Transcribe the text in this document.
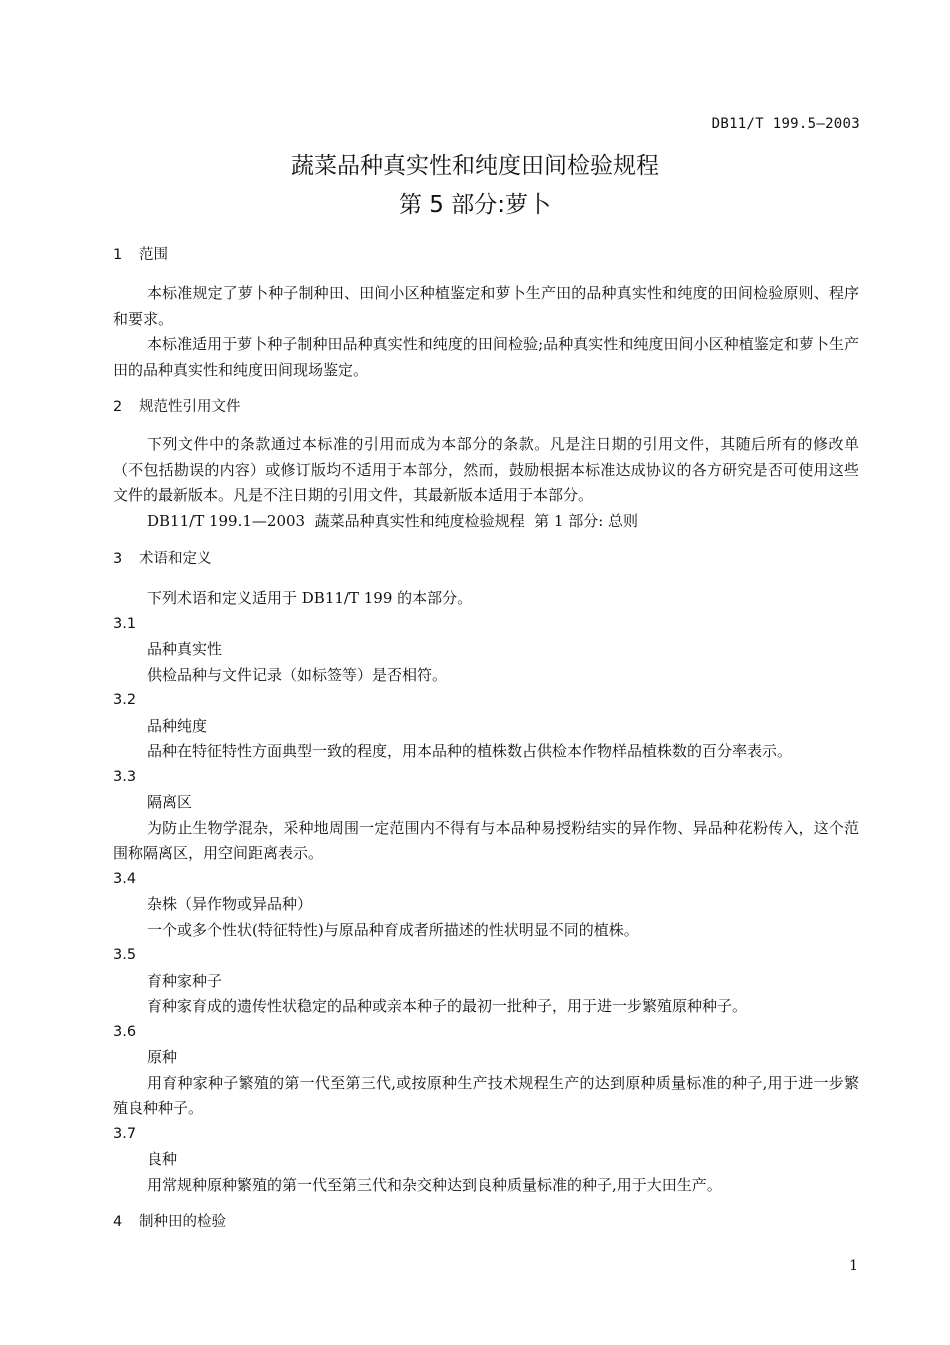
DB11/T 199.5—2003
蔬菜品种真实性和纯度田间检验规程
第 5 部分:萝卜
1 范围

本标准规定了萝卜种子制种田、田间小区种植鉴定和萝卜生产田的品种真实性和纯度的田间检验原则、程序和要求。

本标准适用于萝卜种子制种田品种真实性和纯度的田间检验;品种真实性和纯度田间小区种植鉴定和萝卜生产田的品种真实性和纯度田间现场鉴定。

2 规范性引用文件

下列文件中的条款通过本标准的引用而成为本部分的条款。凡是注日期的引用文件，其随后所有的修改单（不包括勘误的内容）或修订版均不适用于本部分，然而，鼓励根据本标准达成协议的各方研究是否可使用这些文件的最新版本。凡是不注日期的引用文件，其最新版本适用于本部分。

DB11/T 199.1—2003  蔬菜品种真实性和纯度检验规程  第 1 部分: 总则

3 术语和定义

下列术语和定义适用于 DB11/T 199 的本部分。

3.1
品种真实性

供检品种与文件记录（如标签等）是否相符。

3.2
品种纯度

品种在特征特性方面典型一致的程度，用本品种的植株数占供检本作物样品植株数的百分率表示。

3.3
隔离区

为防止生物学混杂，采种地周围一定范围内不得有与本品种易授粉结实的异作物、异品种花粉传入，这个范围称隔离区，用空间距离表示。

3.4
杂株（异作物或异品种）

一个或多个性状(特征特性)与原品种育成者所描述的性状明显不同的植株。

3.5
育种家种子

育种家育成的遗传性状稳定的品种或亲本种子的最初一批种子，用于进一步繁殖原种种子。

3.6
原种

用育种家种子繁殖的第一代至第三代,或按原种生产技术规程生产的达到原种质量标准的种子,用于进一步繁殖良种种子。

3.7
良种

用常规种原种繁殖的第一代至第三代和杂交种达到良种质量标准的种子,用于大田生产。

4 制种田的检验
1
